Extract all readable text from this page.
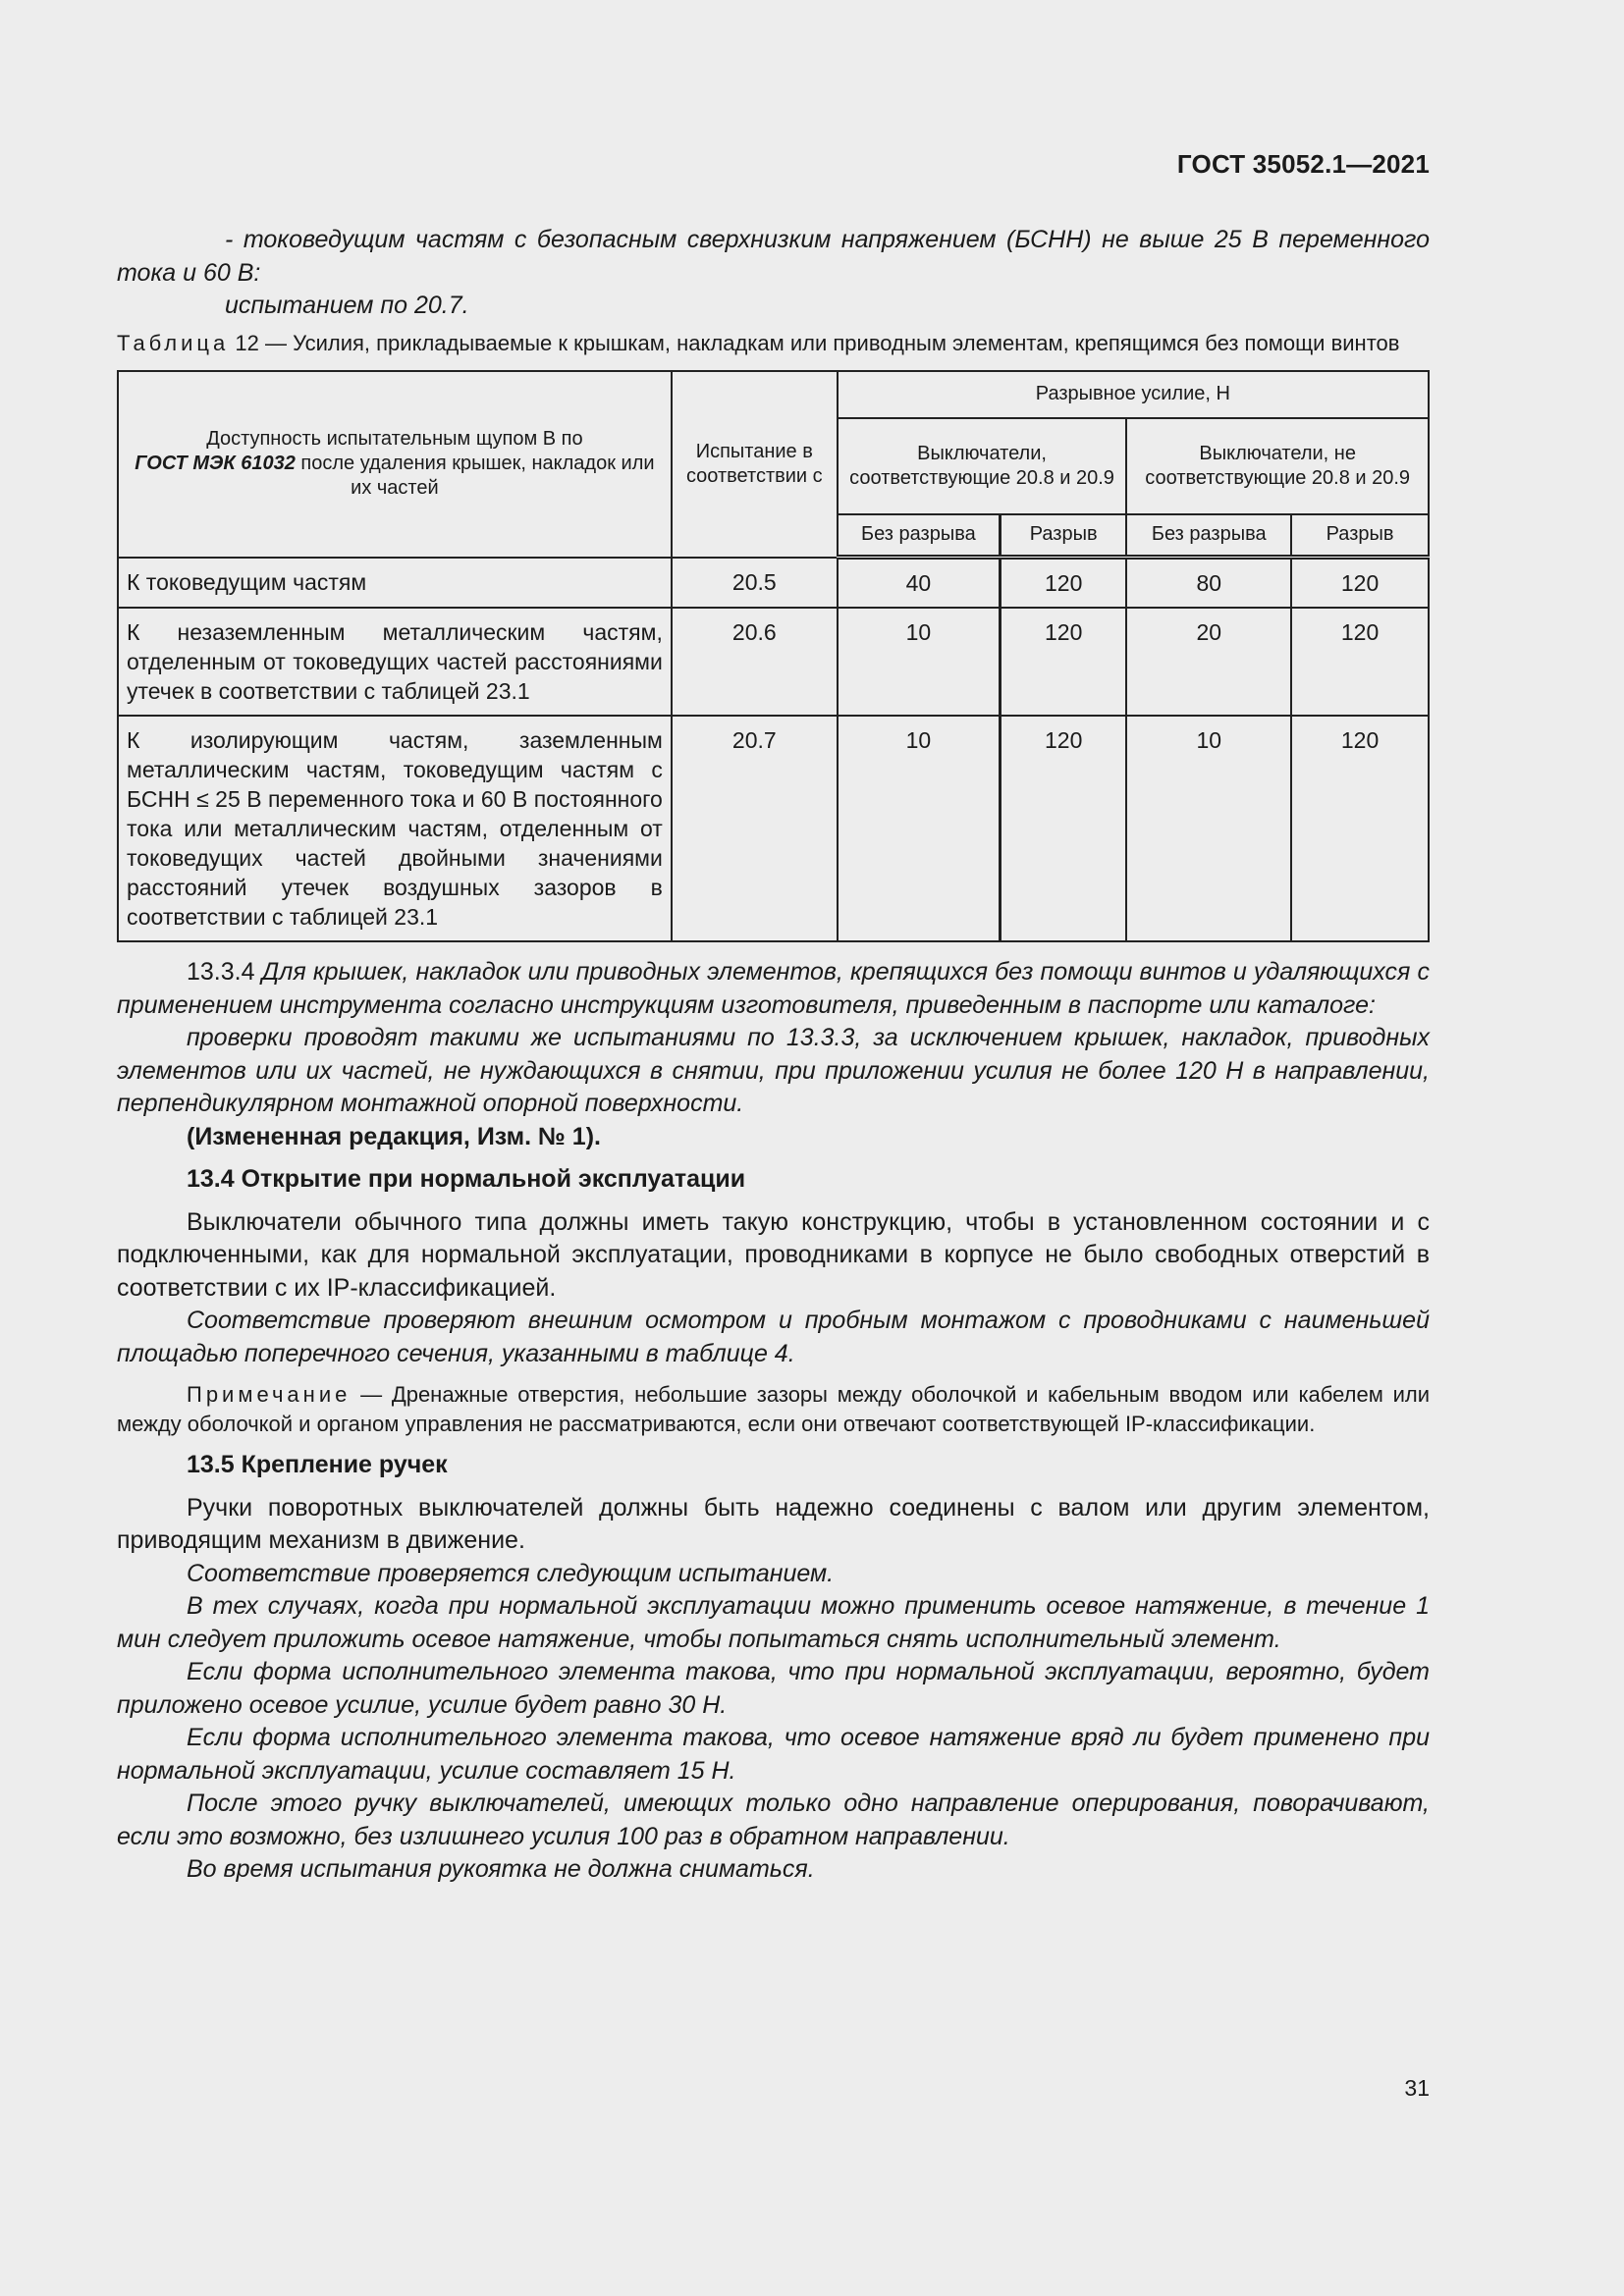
ГОСТ 35052.1—2021

- токоведущим частям с безопасным сверхнизким напряжением (БСНН) не выше 25 В переменного тока и 60 В:

испытанием по 20.7.

Таблица 12 — Усилия, прикладываемые к крышкам, накладкам или приводным элементам, крепящимся без помощи винтов

Доступность испытательным щупом В по
ГОСТ МЭК 61032 после удаления крышек, накладок или их частей	Испытание в соответствии с	Разрывное усилие, Н			
		Выключатели, соответствующие 20.8 и 20.9		Выключатели, не соответствующие 20.8 и 20.9	
		Без разрыва	Разрыв	Без разрыва	Разрыв
К токоведущим частям	20.5	40	120	80	120
К незаземленным металлическим частям, отделенным от токоведущих частей расстояниями утечек в соответствии с таблицей 23.1	20.6	10	120	20	120
К изолирующим частям, заземленным металлическим частям, токоведущим частям с БСНН ≤ 25 В переменного тока и 60 В постоянного тока или металлическим частям, отделенным от токоведущих частей двойными значениями расстояний утечек воздушных зазоров в соответствии с таблицей 23.1	20.7	10	120	10	120

13.3.4 Для крышек, накладок или приводных элементов, крепящихся без помощи винтов и удаляющихся с применением инструмента согласно инструкциям изготовителя, приведенным в паспорте или каталоге:

проверки проводят такими же испытаниями по 13.3.3, за исключением крышек, накладок, приводных элементов или их частей, не нуждающихся в снятии, при приложении усилия не более 120 Н в направлении, перпендикулярном монтажной опорной поверхности.

(Измененная редакция, Изм. № 1).

13.4 Открытие при нормальной эксплуатации

Выключатели обычного типа должны иметь такую конструкцию, чтобы в установленном состоянии и с подключенными, как для нормальной эксплуатации, проводниками в корпусе не было свободных отверстий в соответствии с их IP-классификацией.

Соответствие проверяют внешним осмотром и пробным монтажом с проводниками с наименьшей площадью поперечного сечения, указанными в таблице 4.

Примечание — Дренажные отверстия, небольшие зазоры между оболочкой и кабельным вводом или кабелем или между оболочкой и органом управления не рассматриваются, если они отвечают соответствующей IP-классификации.

13.5 Крепление ручек

Ручки поворотных выключателей должны быть надежно соединены с валом или другим элементом, приводящим механизм в движение.

Соответствие проверяется следующим испытанием.

В тех случаях, когда при нормальной эксплуатации можно применить осевое натяжение, в течение 1 мин следует приложить осевое натяжение, чтобы попытаться снять исполнительный элемент.

Если форма исполнительного элемента такова, что при нормальной эксплуатации, вероятно, будет приложено осевое усилие, усилие будет равно 30 Н.

Если форма исполнительного элемента такова, что осевое натяжение вряд ли будет применено при нормальной эксплуатации, усилие составляет 15 Н.

После этого ручку выключателей, имеющих только одно направление оперирования, поворачивают, если это возможно, без излишнего усилия 100 раз в обратном направлении.

Во время испытания рукоятка не должна сниматься.

31
